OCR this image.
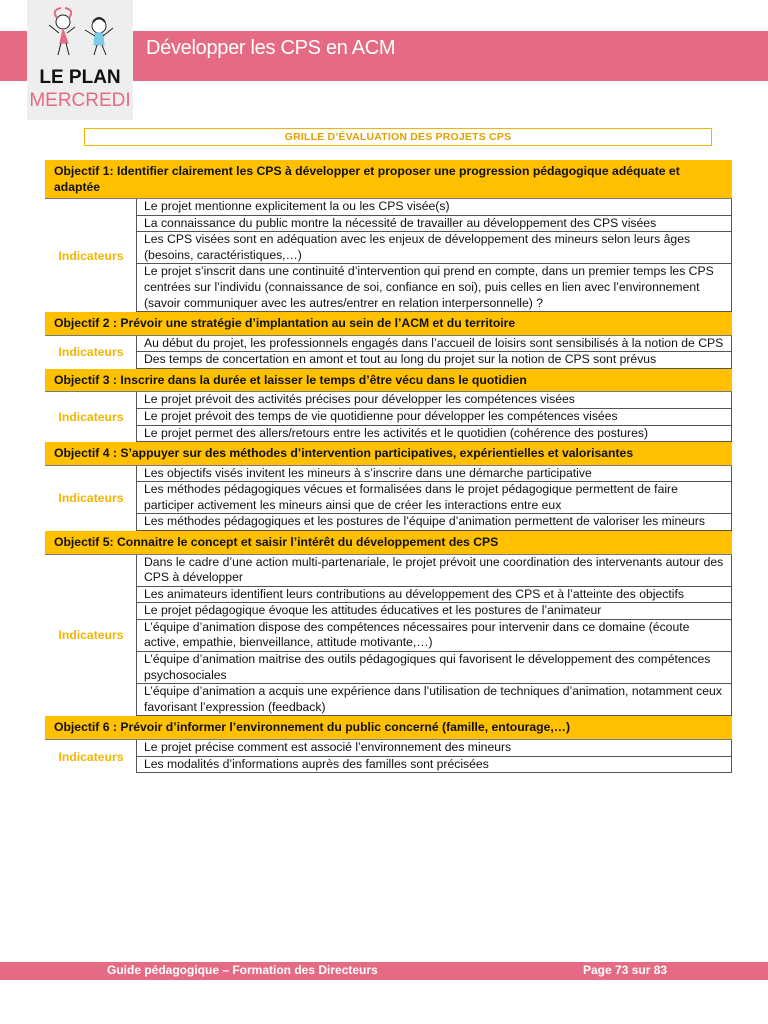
Développer les CPS en ACM
LE PLAN
MERCREDI
GRILLE D’ÉVALUATION DES PROJETS CPS
Objectif 1: Identifier clairement les CPS à développer et proposer une progression pédagogique adéquate et adaptée
Indicateurs
Le projet mentionne explicitement la ou les CPS visée(s)
La connaissance du public montre la nécessité de travailler au développement des CPS visées
Les CPS visées sont en adéquation avec les enjeux de développement des mineurs selon leurs âges (besoins, caractéristiques,…)
Le projet s’inscrit dans une continuité d’intervention qui prend en compte, dans un premier temps les CPS centrées sur l’individu (connaissance de soi, confiance en soi), puis celles en lien avec l’environnement (savoir communiquer avec les autres/entrer en relation interpersonnelle) ?
Objectif 2 : Prévoir une stratégie d’implantation au sein de l’ACM et du territoire
Indicateurs
Au début du projet, les professionnels engagés dans l’accueil de loisirs sont sensibilisés à la notion de CPS
Des temps de concertation en amont et tout au long du projet sur la notion de CPS sont prévus
Objectif 3 : Inscrire dans la durée et laisser le temps d’être vécu dans le quotidien
Indicateurs
Le projet prévoit des activités précises pour développer les compétences visées
Le projet prévoit des temps de vie quotidienne pour développer les compétences visées
Le projet permet des allers/retours entre les activités et le quotidien (cohérence des postures)
Objectif 4 : S’appuyer sur des méthodes d’intervention participatives, expérientielles et valorisantes
Indicateurs
Les objectifs visés invitent les mineurs à s’inscrire dans une démarche participative
Les méthodes pédagogiques vécues et formalisées dans le projet pédagogique permettent de faire participer activement les mineurs ainsi que de créer les interactions entre eux
Les méthodes pédagogiques et les postures de l’équipe d’animation permettent de valoriser les mineurs
Objectif 5: Connaitre le concept et saisir l’intérêt du développement des CPS
Indicateurs
Dans le cadre d’une action multi-partenariale, le projet prévoit une coordination des intervenants autour des CPS à développer
Les animateurs identifient leurs contributions au développement des CPS et à l’atteinte des objectifs
Le projet pédagogique évoque les attitudes éducatives et les postures de l’animateur
L’équipe d’animation dispose des compétences nécessaires pour intervenir dans ce domaine (écoute active, empathie, bienveillance, attitude motivante,…)
L’équipe d’animation maitrise des outils pédagogiques qui favorisent le développement des compétences psychosociales
L’équipe d’animation a acquis une expérience dans l’utilisation de techniques d’animation, notamment ceux favorisant l’expression (feedback)
Objectif 6 : Prévoir d’informer l’environnement du public concerné (famille, entourage,…)
Indicateurs
Le projet précise comment est associé l’environnement des mineurs
Les modalités d’informations auprès des familles sont précisées
Guide pédagogique – Formation des Directeurs	Page 73 sur 83
